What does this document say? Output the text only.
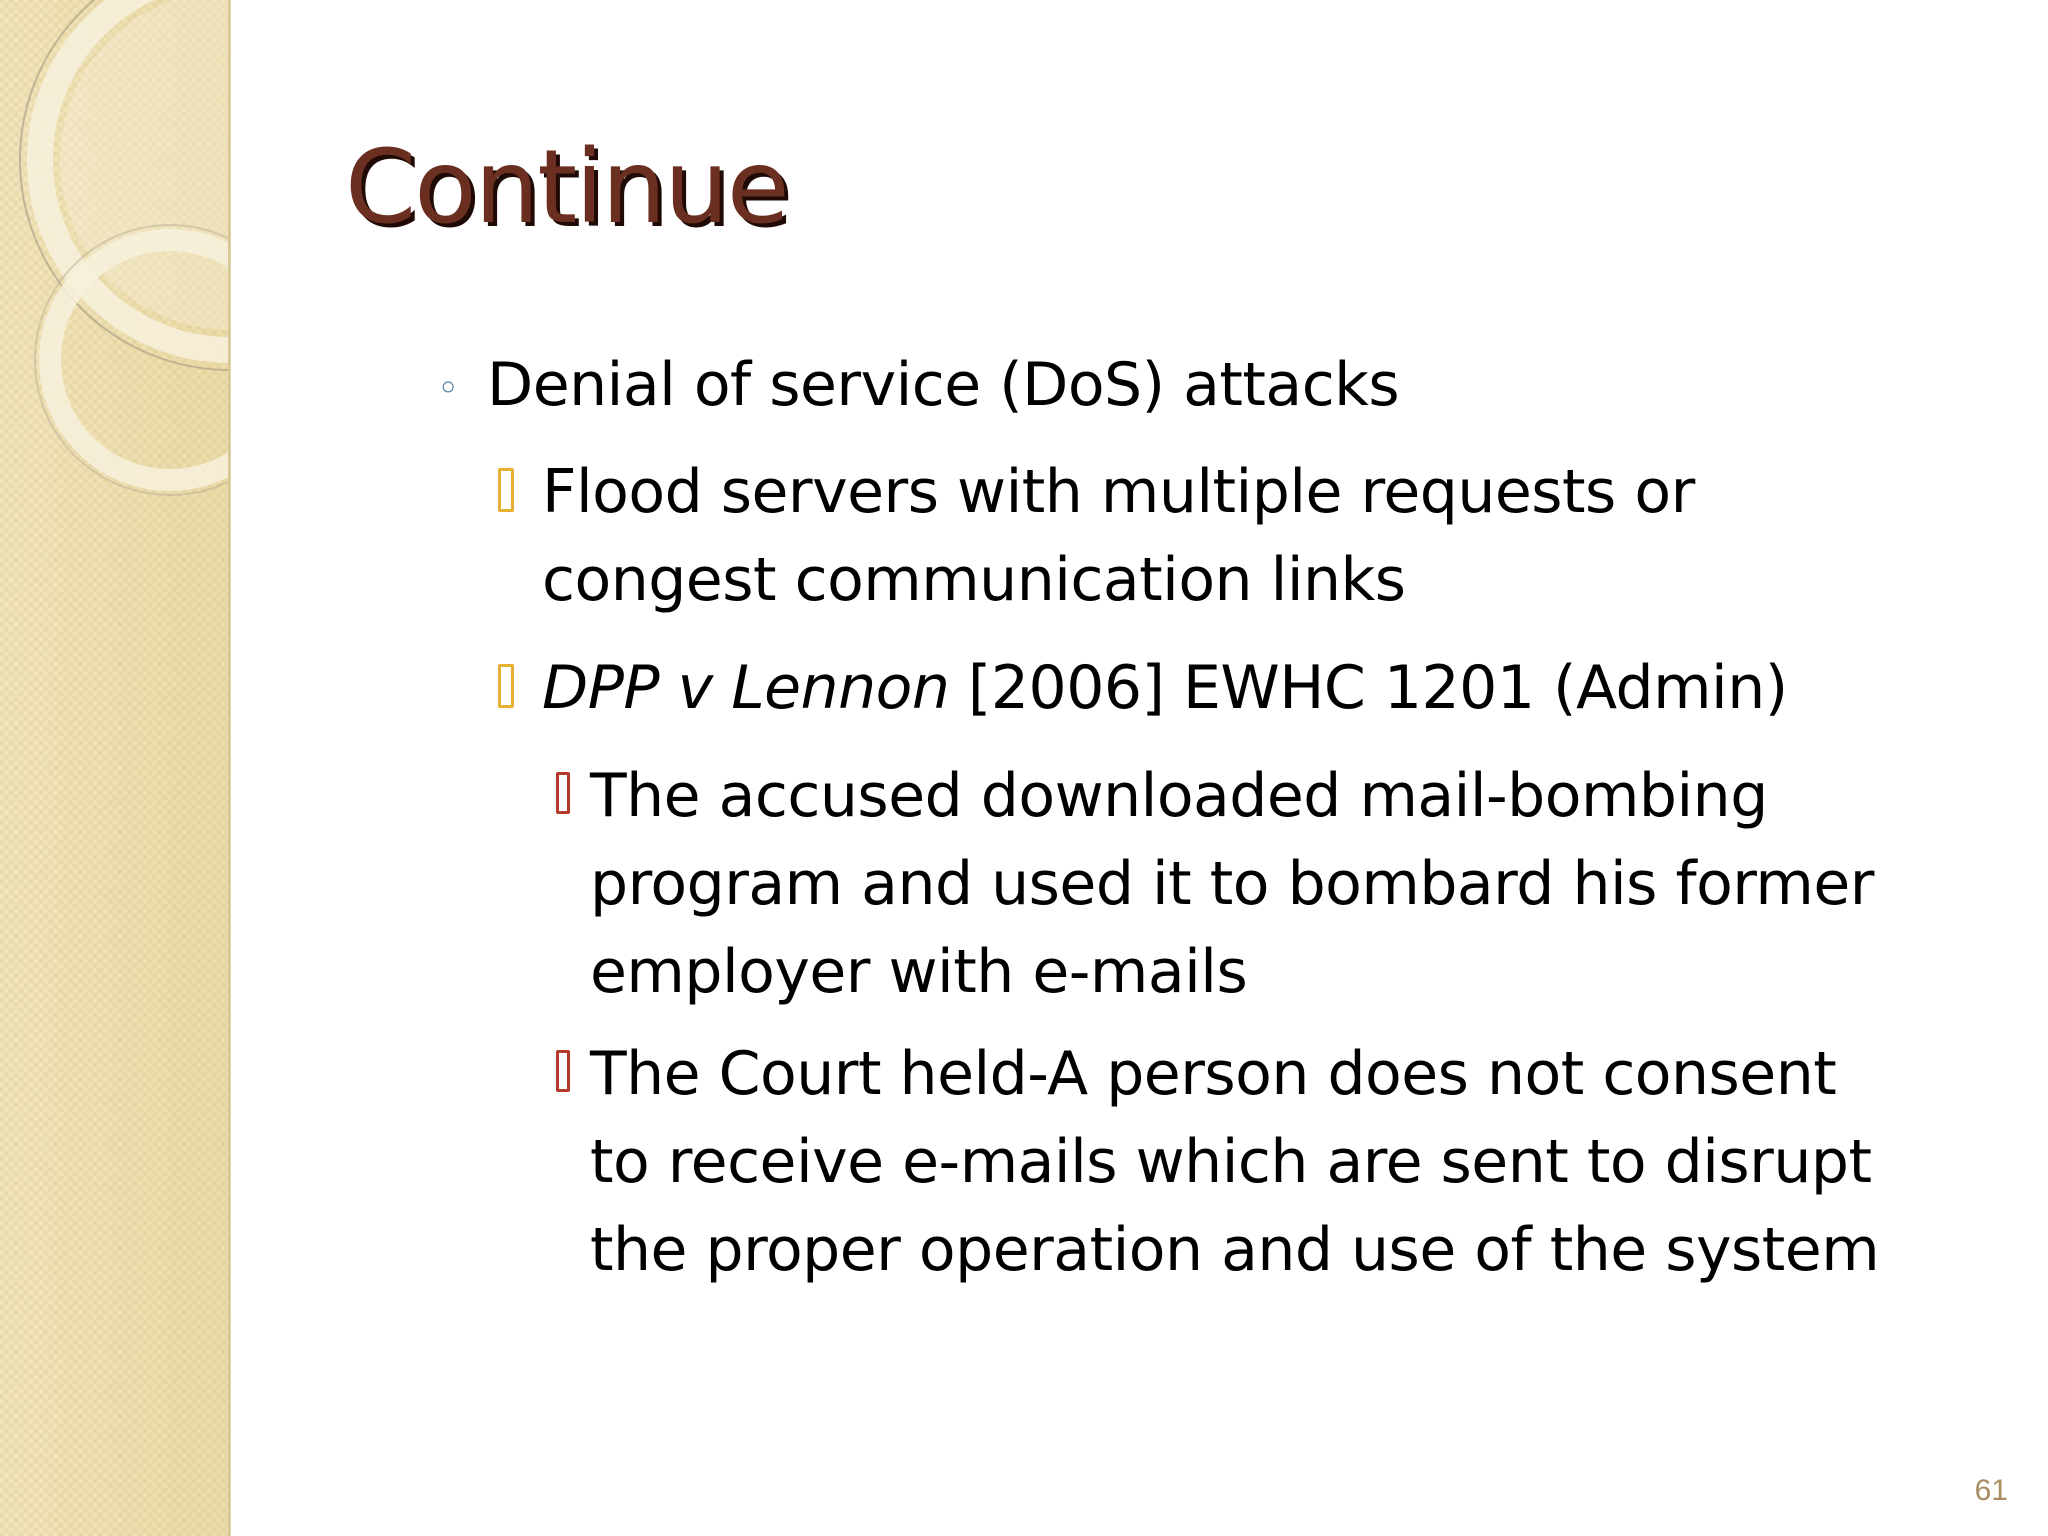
Continue
◦ Denial of service (DoS) attacks
Flood servers with multiple requests or
congest communication links
DPP v Lennon [2006] EWHC 1201 (Admin)
The accused downloaded mail-bombing
program and used it to bombard his former
employer with e-mails
The Court held-A person does not consent
to receive e-mails which are sent to disrupt
the proper operation and use of the system
61
